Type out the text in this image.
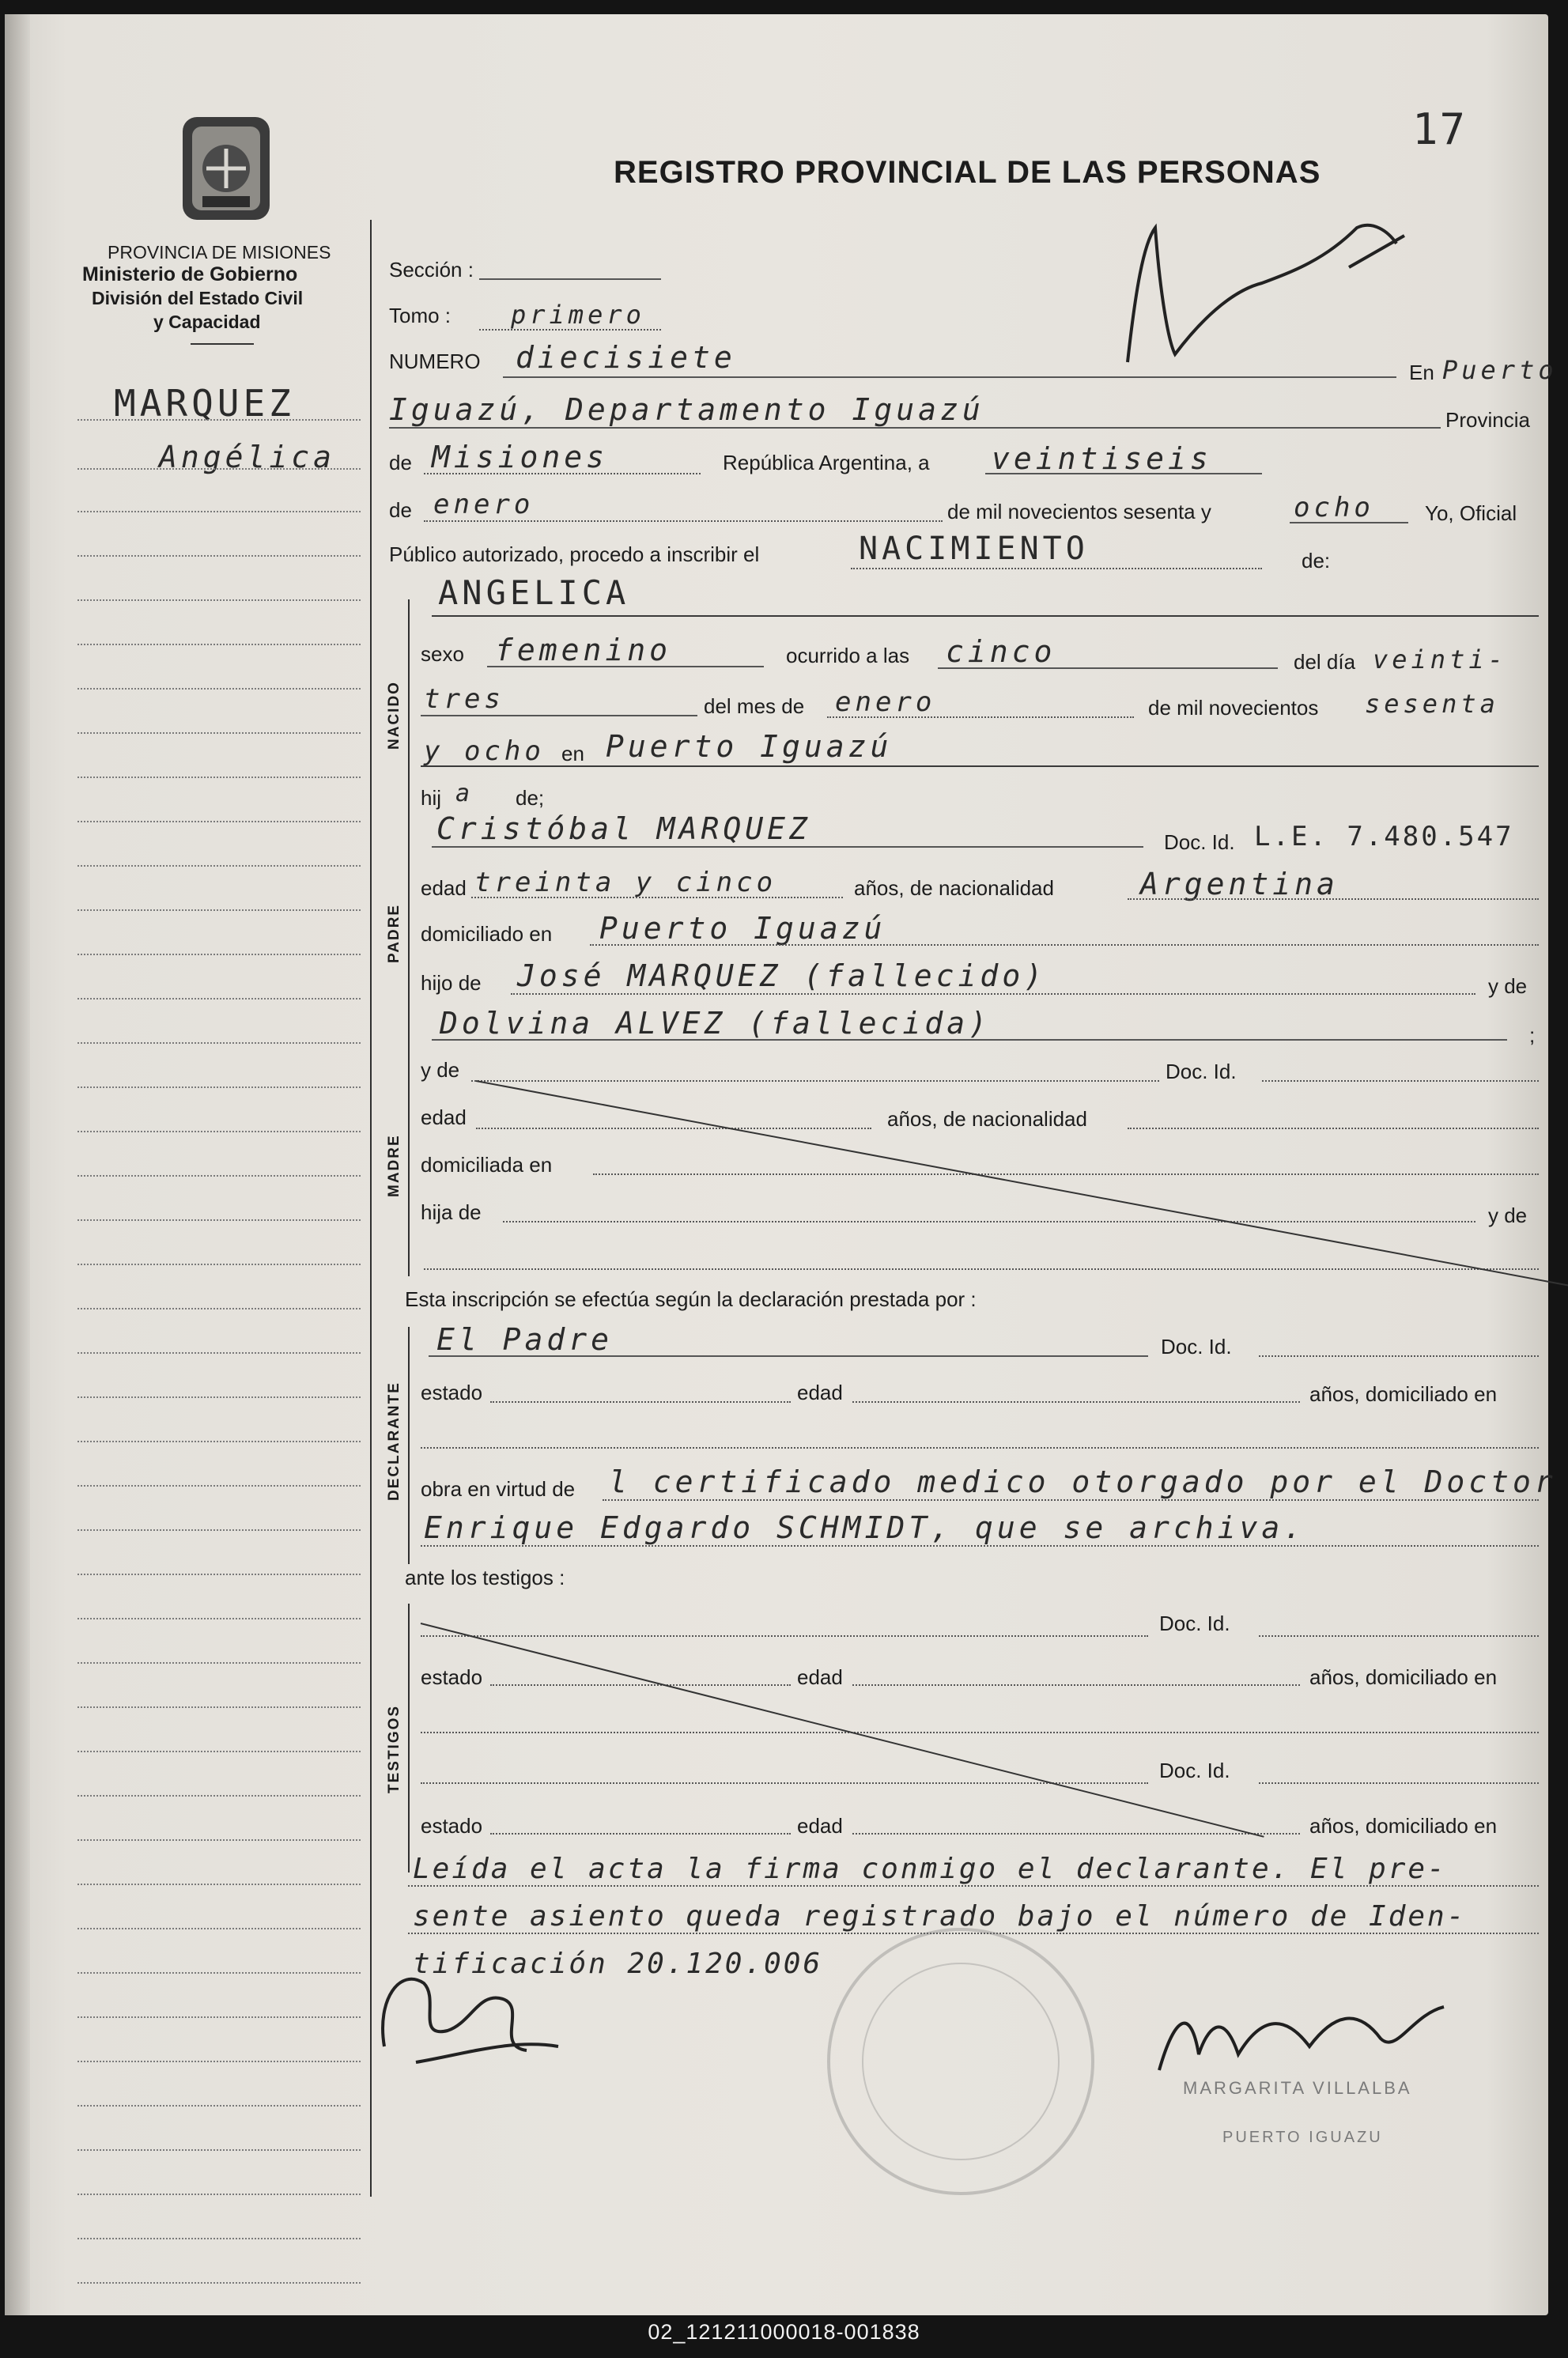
PROVINCIA DE MISIONES
Ministerio de Gobierno
División del Estado Civil
y Capacidad
REGISTRO PROVINCIAL DE LAS PERSONAS
17
MARQUEZ
Angélica
Sección :
Tomo : primero
NUMERO diecisiete	En Puerto
Iguazú, Departamento Iguazú	Provincia
de Misiones	República Argentina, a veintiseis
de enero	de mil novecientos sesenta y	ocho Yo, Oficial
Público autorizado, procedo a inscribir el	NACIMIENTO	de:
ANGELICA
NACIDO
sexo femenino	ocurrido a las cinco	del día veinti-
tres	del mes de enero	de mil novecientos sesenta
y ocho en Puerto Iguazú
hij a de;
PADRE
Cristóbal MARQUEZ	Doc. Id. L.E. 7.480.547
edad treinta y cinco	años, de nacionalidad	Argentina
domiciliado en Puerto Iguazú
hijo de José MARQUEZ (fallecido)	y de
Dolvina ALVEZ (fallecida)	;
MADRE
y de	Doc. Id.
edad	años, de nacionalidad
domiciliada en
hija de	y de
Esta inscripción se efectúa según la declaración prestada por :
DECLARANTE
El Padre	Doc. Id.
estado	edad	años, domiciliado en
obra en virtud de l certificado medico otorgado por el Doctor
Enrique Edgardo SCHMIDT, que se archiva.
ante los testigos :
TESTIGOS
Doc. Id.
estado	edad	años, domiciliado en
Doc. Id.
estado	edad	años, domiciliado en
Leída el acta la firma conmigo el declarante. El pre-
sente asiento queda registrado bajo el número de Iden-
tificación 20.120.006
MARGARITA VILLALBA
PUERTO IGUAZU
02_121211000018-001838
